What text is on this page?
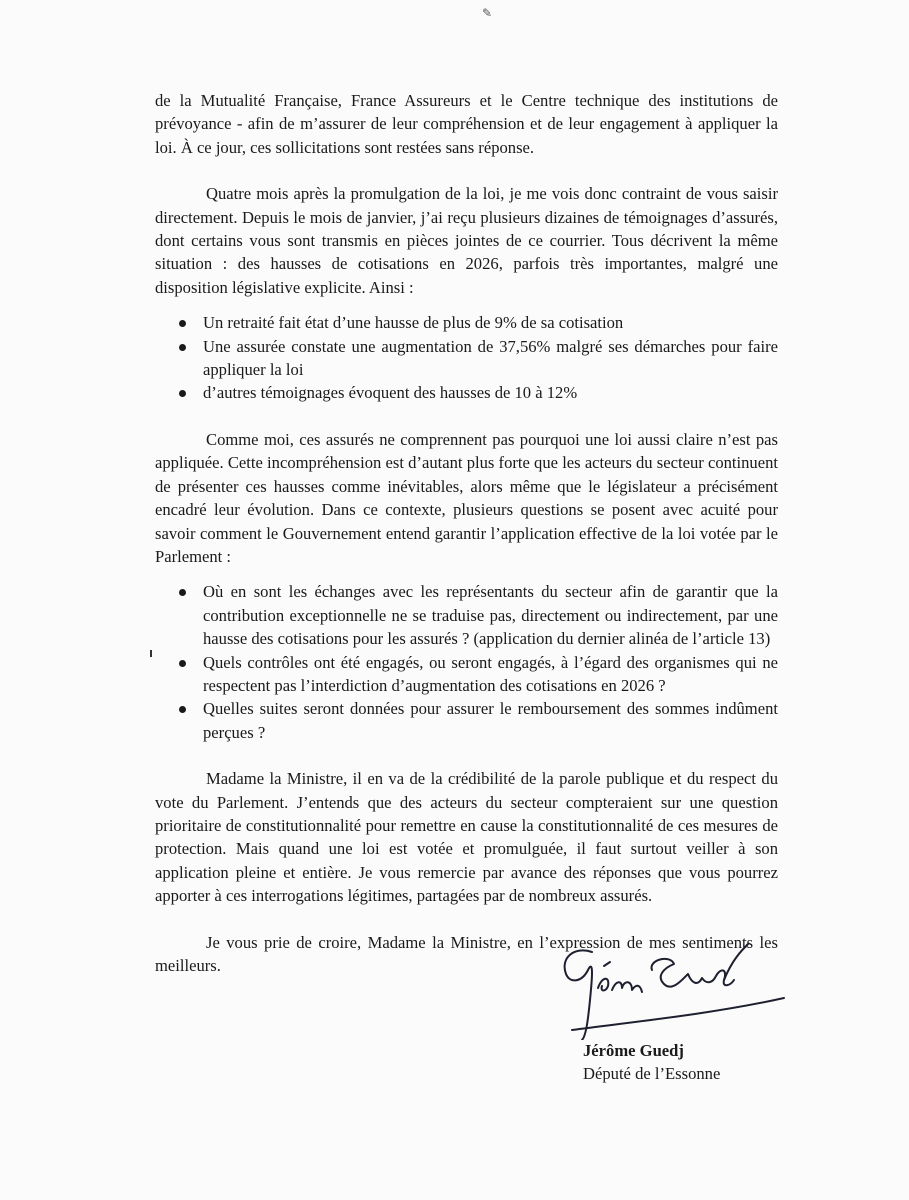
✎

de la Mutualité Française, France Assureurs et le Centre technique des institutions de prévoyance - afin de m’assurer de leur compréhension et de leur engagement à appliquer la loi. À ce jour, ces sollicitations sont restées sans réponse.

Quatre mois après la promulgation de la loi, je me vois donc contraint de vous saisir directement. Depuis le mois de janvier, j’ai reçu plusieurs dizaines de témoignages d’assurés, dont certains vous sont transmis en pièces jointes de ce courrier. Tous décrivent la même situation : des hausses de cotisations en 2026, parfois très importantes, malgré une disposition législative explicite. Ainsi :

Un retraité fait état d’une hausse de plus de 9% de sa cotisation
Une assurée constate une augmentation de 37,56% malgré ses démarches pour faire appliquer la loi
d’autres témoignages évoquent des hausses de 10 à 12%

Comme moi, ces assurés ne comprennent pas pourquoi une loi aussi claire n’est pas appliquée. Cette incompréhension est d’autant plus forte que les acteurs du secteur continuent de présenter ces hausses comme inévitables, alors même que le législateur a précisément encadré leur évolution. Dans ce contexte, plusieurs questions se posent avec acuité pour savoir comment le Gouvernement entend garantir l’application effective de la loi votée par le Parlement :

Où en sont les échanges avec les représentants du secteur afin de garantir que la contribution exceptionnelle ne se traduise pas, directement ou indirectement, par une hausse des cotisations pour les assurés ? (application du dernier alinéa de l’article 13)
Quels contrôles ont été engagés, ou seront engagés, à l’égard des organismes qui ne respectent pas l’interdiction d’augmentation des cotisations en 2026 ?
Quelles suites seront données pour assurer le remboursement des sommes indûment perçues ?

Madame la Ministre, il en va de la crédibilité de la parole publique et du respect du vote du Parlement. J’entends que des acteurs du secteur compteraient sur une question prioritaire de constitutionnalité pour remettre en cause la constitutionnalité de ces mesures de protection. Mais quand une loi est votée et promulguée, il faut surtout veiller à son application pleine et entière. Je vous remercie par avance des réponses que vous pourrez apporter à ces interrogations légitimes, partagées par de nombreux assurés.

Je vous prie de croire, Madame la Ministre, en l’expression de mes sentiments les meilleurs.

Jérôme Guedj
Député de l’Essonne
